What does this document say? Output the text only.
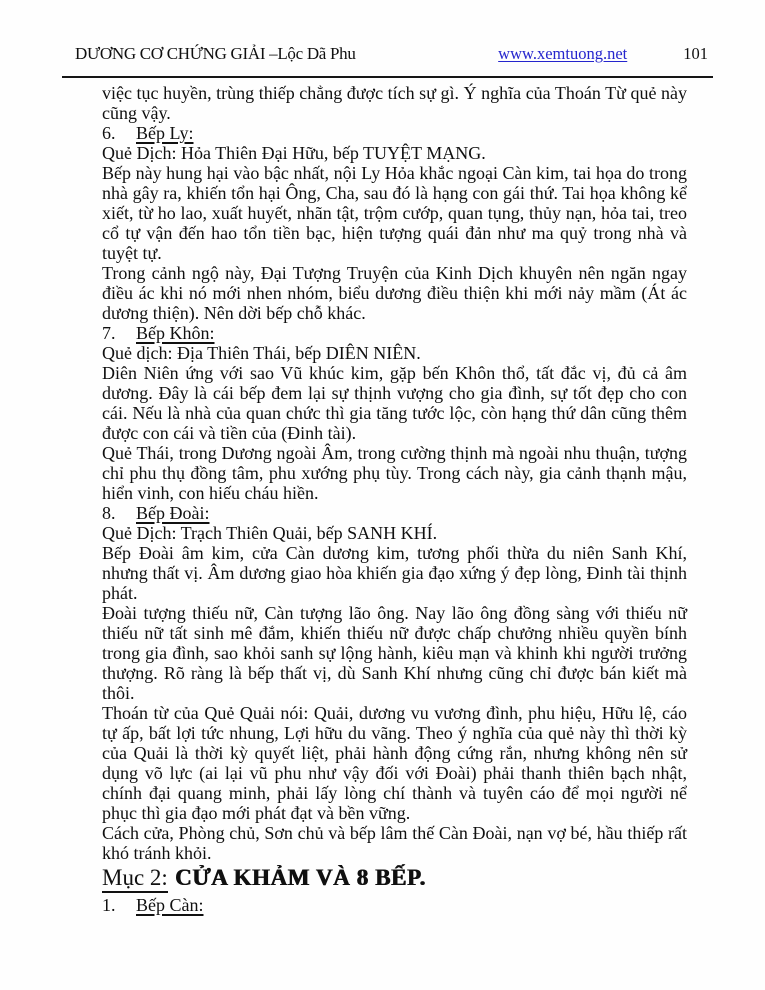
DƯƠNG CƠ CHỨNG GIẢI –Lộc Dã Phu	www.xemtuong.net	101

việc tục huyền, trùng thiếp chẳng được tích sự gì. Ý nghĩa của Thoán Từ quẻ này cũng vậy.

6. Bếp Ly:

Quẻ Dịch: Hỏa Thiên Đại Hữu, bếp TUYỆT MẠNG.

Bếp này hung hại vào bậc nhất, nội Ly Hỏa khắc ngoại Càn kim, tai họa do trong nhà gây ra, khiến tổn hại Ông, Cha, sau đó là hạng con gái thứ. Tai họa không kể xiết, từ ho lao, xuất huyết, nhãn tật, trộm cướp, quan tụng, thủy nạn, hỏa tai, treo cổ tự vận đến hao tổn tiền bạc, hiện tượng quái đản như ma quỷ trong nhà và tuyệt tự.

Trong cảnh ngộ này, Đại Tượng Truyện của Kinh Dịch khuyên nên ngăn ngay điều ác khi nó mới nhen nhóm, biểu dương điều thiện khi mới nảy mầm (Át ác dương thiện). Nên dời bếp chỗ khác.

7. Bếp Khôn:

Quẻ dịch: Địa Thiên Thái, bếp DIÊN NIÊN.

Diên Niên ứng với sao Vũ khúc kim, gặp bến Khôn thổ, tất đắc vị, đủ cả âm dương. Đây là cái bếp đem lại sự thịnh vượng cho gia đình, sự tốt đẹp cho con cái. Nếu là nhà của quan chức thì gia tăng tước lộc, còn hạng thứ dân cũng thêm được con cái và tiền của (Đinh tài).

Quẻ Thái, trong Dương ngoài Âm, trong cường thịnh mà ngoài nhu thuận, tượng chỉ phu thụ đồng tâm, phu xướng phụ tùy. Trong cách này, gia cảnh thạnh mậu, hiển vinh, con hiếu cháu hiền.

8. Bếp Đoài:

Quẻ Dịch: Trạch Thiên Quải, bếp SANH KHÍ.

Bếp Đoài âm kim, cửa Càn dương kim, tương phối thừa du niên Sanh Khí, nhưng thất vị. Âm dương giao hòa khiến gia đạo xứng ý đẹp lòng, Đinh tài thịnh phát.

Đoài tượng thiếu nữ, Càn tượng lão ông. Nay lão ông đồng sàng với thiếu nữ thiếu nữ tất sinh mê đắm, khiến thiếu nữ được chấp chưởng nhiều quyền bính trong gia đình, sao khỏi sanh sự lộng hành, kiêu mạn và khinh khi người trưởng thượng. Rõ ràng là bếp thất vị, dù Sanh Khí nhưng cũng chỉ được bán kiết mà thôi.

Thoán từ của Quẻ Quải nói: Quải, dương vu vương đình, phu hiệu, Hữu lệ, cáo tự ấp, bất lợi tức nhung, Lợi hữu du vãng. Theo ý nghĩa của quẻ này thì thời kỳ của Quải là thời kỳ quyết liệt, phải hành động cứng rắn, nhưng không nên sử dụng võ lực (ai lại vũ phu như vậy đối với Đoài) phải thanh thiên bạch nhật, chính đại quang minh, phải lấy lòng chí thành và tuyên cáo để mọi người nể phục thì gia đạo mới phát đạt và bền vững.

Cách cửa, Phòng chủ, Sơn chủ và bếp lâm thế Càn Đoài, nạn vợ bé, hầu thiếp rất khó tránh khỏi.

Mục 2: CỬA KHẢM VÀ 8 BẾP.

1. Bếp Càn:
